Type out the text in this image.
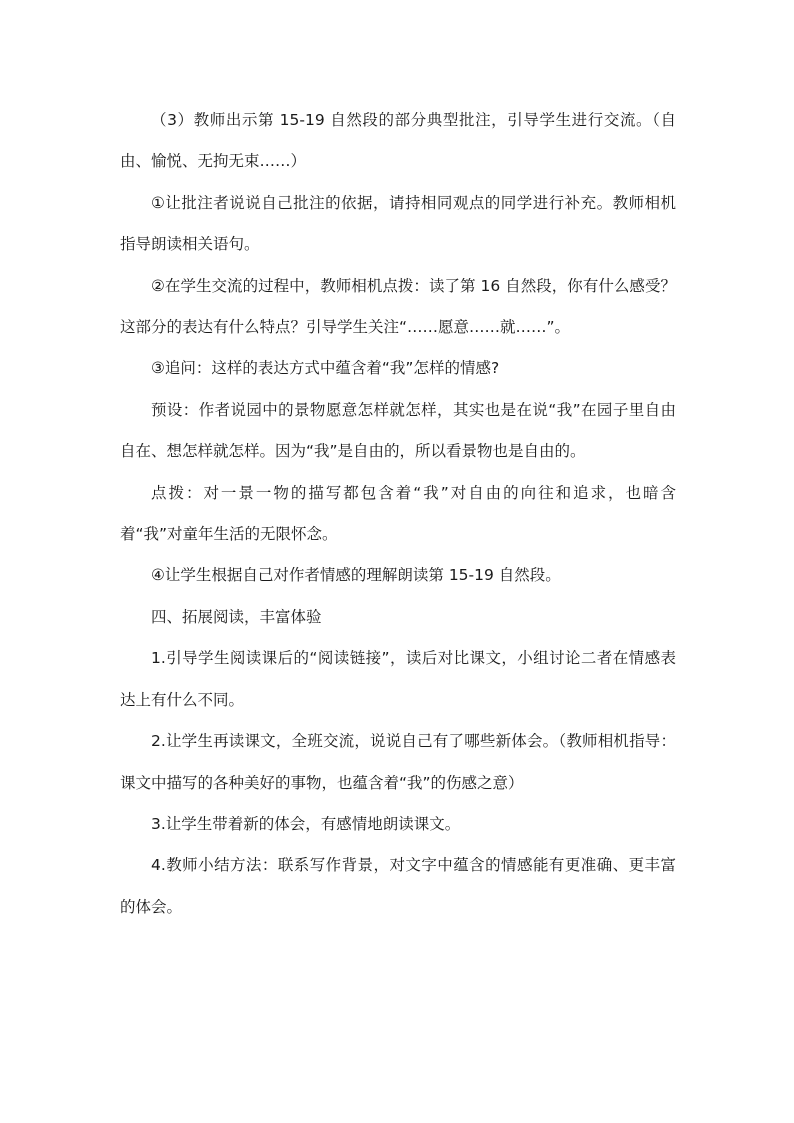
（3）教师出示第 15-19 自然段的部分典型批注，引导学生进行交流。（自由、愉悦、无拘无束……）

①让批注者说说自己批注的依据，请持相同观点的同学进行补充。教师相机指导朗读相关语句。

②在学生交流的过程中，教师相机点拨：读了第 16 自然段，你有什么感受？这部分的表达有什么特点？引导学生关注“……愿意……就……”。

③追问：这样的表达方式中蕴含着“我”怎样的情感?

预设：作者说园中的景物愿意怎样就怎样，其实也是在说“我”在园子里自由自在、想怎样就怎样。因为“我”是自由的，所以看景物也是自由的。

点拨：对一景一物的描写都包含着“我”对自由的向往和追求，也暗含着“我”对童年生活的无限怀念。

④让学生根据自己对作者情感的理解朗读第 15-19 自然段。

四、拓展阅读，丰富体验

1.引导学生阅读课后的“阅读链接”，读后对比课文，小组讨论二者在情感表达上有什么不同。

2.让学生再读课文，全班交流，说说自己有了哪些新体会。（教师相机指导：课文中描写的各种美好的事物，也蕴含着“我”的伤感之意）

3.让学生带着新的体会，有感情地朗读课文。

4.教师小结方法：联系写作背景，对文字中蕴含的情感能有更准确、更丰富的体会。
